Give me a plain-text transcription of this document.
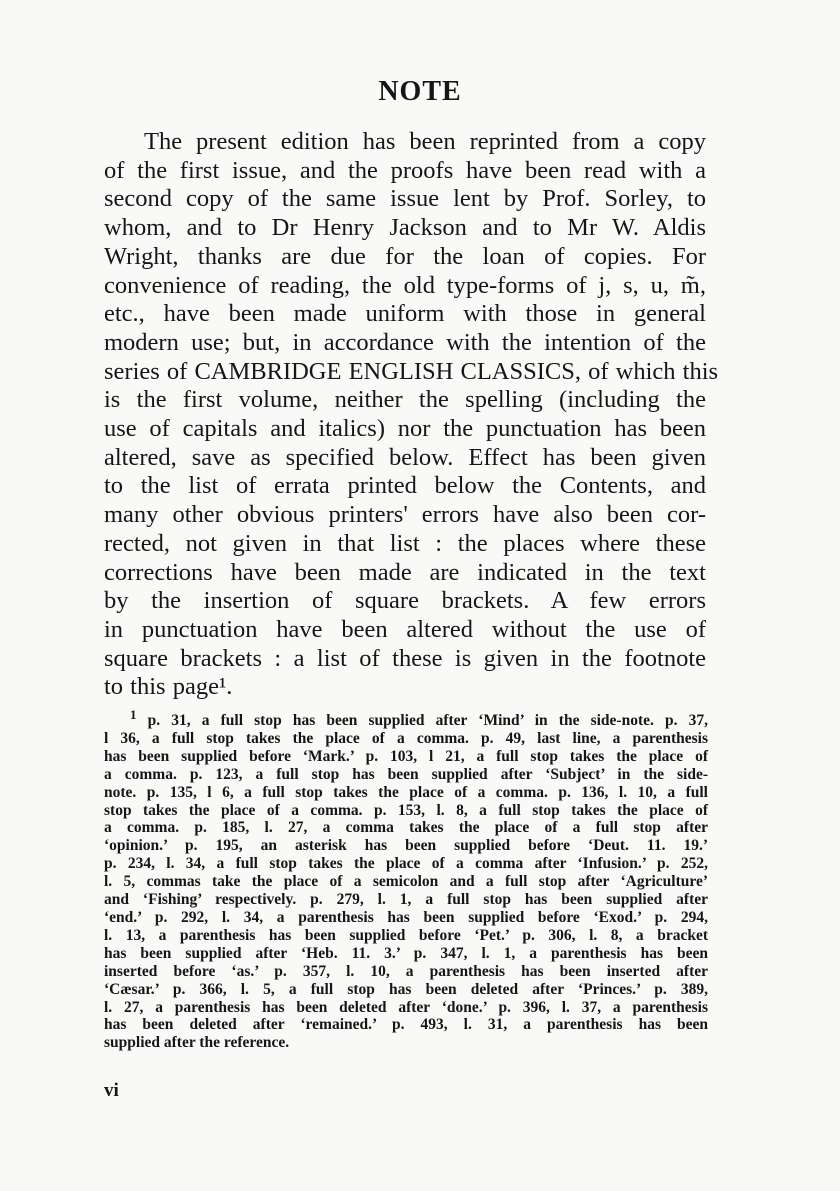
NOTE
The present edition has been reprinted from a copy
of the first issue, and the proofs have been read with a
second copy of the same issue lent by Prof. Sorley, to
whom, and to Dr Henry Jackson and to Mr W. Aldis
Wright, thanks are due for the loan of copies. For
convenience of reading, the old type-forms of j, s, u, m̃,
etc., have been made uniform with those in general
modern use; but, in accordance with the intention of the
series of CAMBRIDGE ENGLISH CLASSICS, of which this
is the first volume, neither the spelling (including the
use of capitals and italics) nor the punctuation has been
altered, save as specified below. Effect has been given
to the list of errata printed below the Contents, and
many other obvious printers' errors have also been cor-
rected, not given in that list : the places where these
corrections have been made are indicated in the text
by the insertion of square brackets. A few errors
in punctuation have been altered without the use of
square brackets : a list of these is given in the footnote
to this page¹.
$^1$ p. 31, a full stop has been supplied after ‘Mind’ in the side-note. p. 37,
l 36, a full stop takes the place of a comma. p. 49, last line, a parenthesis
has been supplied before ‘Mark.’ p. 103, l 21, a full stop takes the place of
a comma. p. 123, a full stop has been supplied after ‘Subject’ in the side-
note. p. 135, l 6, a full stop takes the place of a comma. p. 136, l. 10, a full
stop takes the place of a comma. p. 153, l. 8, a full stop takes the place of
a comma. p. 185, l. 27, a comma takes the place of a full stop after
‘opinion.’ p. 195, an asterisk has been supplied before ‘Deut. 11. 19.’
p. 234, l. 34, a full stop takes the place of a comma after ‘Infusion.’ p. 252,
l. 5, commas take the place of a semicolon and a full stop after ‘Agriculture’
and ‘Fishing’ respectively. p. 279, l. 1, a full stop has been supplied after
‘end.’ p. 292, l. 34, a parenthesis has been supplied before ‘Exod.’ p. 294,
l. 13, a parenthesis has been supplied before ‘Pet.’ p. 306, l. 8, a bracket
has been supplied after ‘Heb. 11. 3.’ p. 347, l. 1, a parenthesis has been
inserted before ‘as.’ p. 357, l. 10, a parenthesis has been inserted after
‘Cæsar.’ p. 366, l. 5, a full stop has been deleted after ‘Princes.’ p. 389,
l. 27, a parenthesis has been deleted after ‘done.’ p. 396, l. 37, a parenthesis
has been deleted after ‘remained.’ p. 493, l. 31, a parenthesis has been
supplied after the reference.

vi
